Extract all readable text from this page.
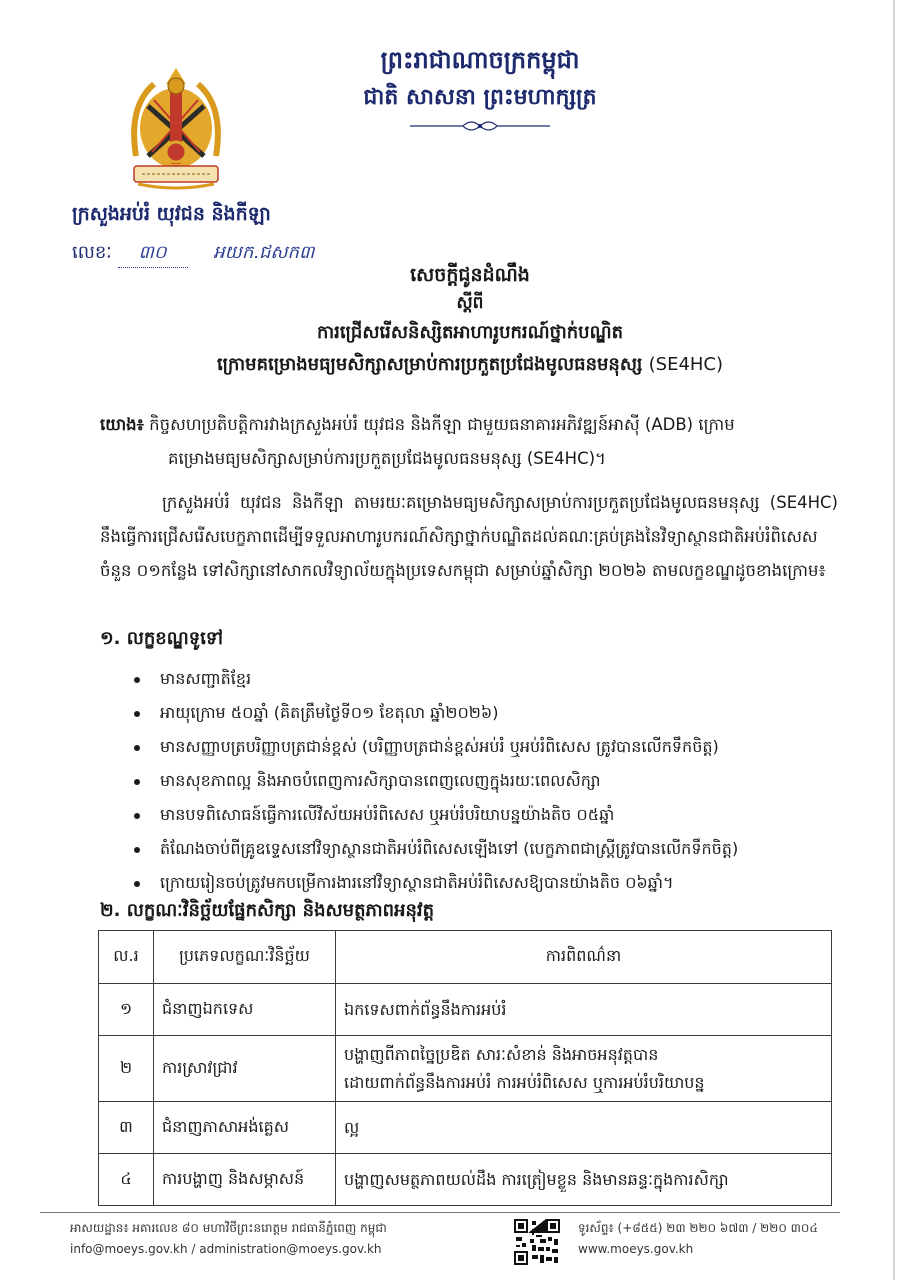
ព្រះរាជាណាចក្រកម្ពុជា
ជាតិ សាសនា ព្រះមហាក្សត្រ
ក្រសួងអប់រំ យុវជន និងកីឡា
លេខៈ ៣០	អយក.ជសក៣
សេចក្តីជូនដំណឹង
ស្តីពី
ការជ្រើសរើសនិស្សិតអាហារូបករណ៍ថ្នាក់បណ្ឌិត
ក្រោមគម្រោងមធ្យមសិក្សាសម្រាប់ការប្រកួតប្រជែងមូលធនមនុស្ស (SE4HC)
យោង៖ កិច្ចសហប្រតិបត្តិការវាងក្រសួងអប់រំ យុវជន និងកីឡា ជាមួយធនាគារអភិវឌ្ឍន៍អាស៊ី (ADB) ក្រោម
គម្រោងមធ្យមសិក្សាសម្រាប់ការប្រកួតប្រជែងមូលធនមនុស្ស (SE4HC)។
ក្រសួងអប់រំ យុវជន និងកីឡា តាមរយៈគម្រោងមធ្យមសិក្សាសម្រាប់ការប្រកួតប្រជែងមូលធនមនុស្ស (SE4HC) នឹងធ្វើការជ្រើសរើសបេក្ខភាពដើម្បីទទួលអាហារូបករណ៍សិក្សាថ្នាក់បណ្ឌិតដល់គណៈគ្រប់គ្រងនៃវិទ្យាស្ថានជាតិអប់រំពិសេសចំនួន ០១កន្លែង ទៅសិក្សានៅសាកលវិទ្យាល័យក្នុងប្រទេសកម្ពុជា សម្រាប់ឆ្នាំសិក្សា ២០២៦ តាមលក្ខខណ្ឌដូចខាងក្រោម៖
១. លក្ខខណ្ឌទូទៅ
មានសញ្ជាតិខ្មែរ
អាយុក្រោម ៥០ឆ្នាំ (គិតត្រឹមថ្ងៃទី០១ ខែតុលា ឆ្នាំ២០២៦)
មានសញ្ញាបត្របរិញ្ញាបត្រជាន់ខ្ពស់ (បរិញ្ញាបត្រជាន់ខ្ពស់អប់រំ ឬអប់រំពិសេស ត្រូវបានលើកទឹកចិត្ត)
មានសុខភាពល្អ និងអាចបំពេញការសិក្សាបានពេញលេញក្នុងរយៈពេលសិក្សា
មានបទពិសោធន៍ធ្វើការលើវិស័យអប់រំពិសេស ឬអប់រំបរិយាបន្នយ៉ាងតិច ០៥ឆ្នាំ
តំណែងចាប់ពីគ្រូឧទ្ទេសនៅវិទ្យាស្ថានជាតិអប់រំពិសេសឡើងទៅ (បេក្ខភាពជាស្ត្រីត្រូវបានលើកទឹកចិត្ត)
ក្រោយរៀនចប់ត្រូវមកបម្រើការងារនៅវិទ្យាស្ថានជាតិអប់រំពិសេសឱ្យបានយ៉ាងតិច ០៦ឆ្នាំ។
២. លក្ខណៈវិនិច្ឆ័យផ្នែកសិក្សា និងសមត្ថភាពអនុវត្ត
ល.រ	ប្រភេទលក្ខណៈវិនិច្ឆ័យ	ការពិពណ៌នា
១	ជំនាញឯកទេស	ឯកទេសពាក់ព័ន្ធនឹងការអប់រំ

២	ការស្រាវជ្រាវ	បង្ហាញពីភាពច្នៃប្រឌិត សារៈសំខាន់ និងអាចអនុវត្តបាន
ដោយពាក់ព័ន្ធនឹងការអប់រំ ការអប់រំពិសេស ឬការអប់រំបរិយាបន្ន

៣	ជំនាញភាសាអង់គ្លេស	ល្អ

៤	ការបង្ហាញ និងសម្ភាសន៍	បង្ហាញសមត្ថភាពយល់ដឹង ការត្រៀមខ្លួន និងមានឆន្ទៈក្នុងការសិក្សា
អាសយដ្ឋាន៖ អគារលេខ ៨០ មហាវិថីព្រះនរោត្តម រាជធានីភ្នំពេញ កម្ពុជា
info@moeys.gov.kh / administration@moeys.gov.kh
ទូរស័ព្ទ៖ (+៨៥៥) ២៣ ២២០ ៦៧៣ / ២២០ ៣០៤
www.moeys.gov.kh
